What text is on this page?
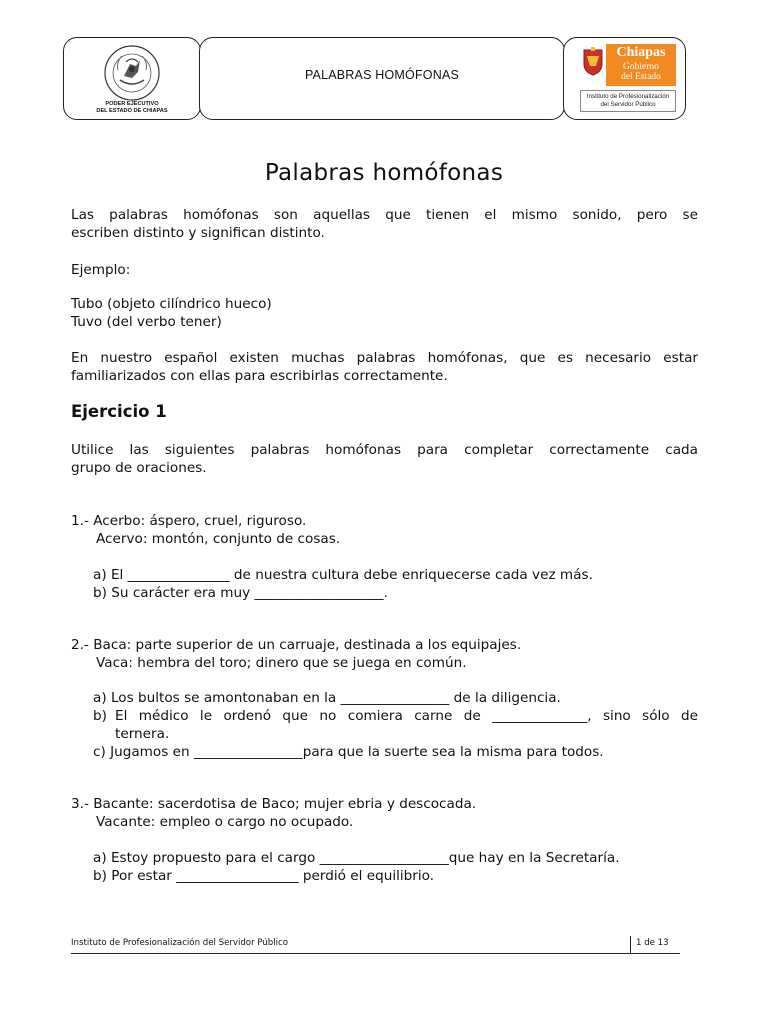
PODER EJECUTIVO
DEL ESTADO DE CHIAPAS
PALABRAS HOMÓFONAS
Chiapas
Gobierno
del Estado
Instituto de Profesionalización
del Servidor Público
Palabras homófonas
Las palabras homófonas son aquellas que tienen el mismo sonido, pero se
escriben distinto y significan distinto.
Ejemplo:
Tubo (objeto cilíndrico hueco)
Tuvo (del verbo tener)
En nuestro español existen muchas palabras homófonas, que es necesario estar
familiarizados con ellas para escribirlas correctamente.
Ejercicio 1
Utilice las siguientes palabras homófonas para completar correctamente cada
grupo de oraciones.
1.- Acerbo: áspero, cruel, riguroso.
Acervo: montón, conjunto de cosas.
a) El _______________ de nuestra cultura debe enriquecerse cada vez más.
b) Su carácter era muy ___________________.
2.- Baca: parte superior de un carruaje, destinada a los equipajes.
Vaca: hembra del toro; dinero que se juega en común.
a) Los bultos se amontonaban en la ________________ de la diligencia.
b) El médico le ordenó que no comiera carne de ______________, sino sólo de
ternera.
c) Jugamos en ________________para que la suerte sea la misma para todos.
3.- Bacante: sacerdotisa de Baco; mujer ebria y descocada.
Vacante: empleo o cargo no ocupado.
a) Estoy propuesto para el cargo ___________________que hay en la Secretaría.
b) Por estar __________________ perdió el equilibrio.
Instituto de Profesionalización del Servidor Público	1 de 13
